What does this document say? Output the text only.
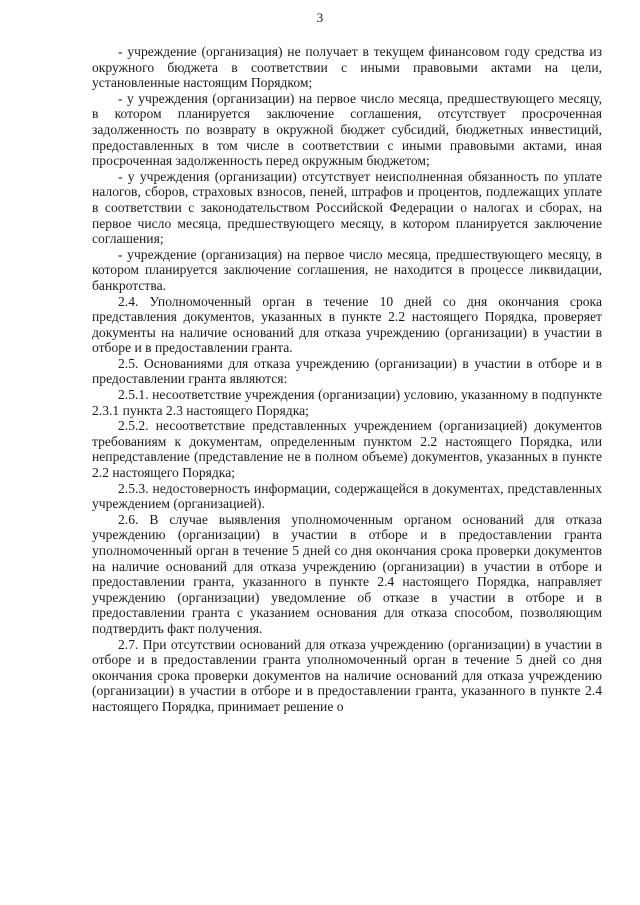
3

- учреждение (организация) не получает в текущем финансовом году средства из окружного бюджета в соответствии с иными правовыми актами на цели, установленные настоящим Порядком;

- у учреждения (организации) на первое число месяца, предшествующего месяцу, в котором планируется заключение соглашения, отсутствует просроченная задолженность по возврату в окружной бюджет субсидий, бюджетных инвестиций, предоставленных в том числе в соответствии с иными правовыми актами, иная просроченная задолженность перед окружным бюджетом;

- у учреждения (организации) отсутствует неисполненная обязанность по уплате налогов, сборов, страховых взносов, пеней, штрафов и процентов, подлежащих уплате в соответствии с законодательством Российской Федерации о налогах и сборах, на первое число месяца, предшествующего месяцу, в котором планируется заключение соглашения;

- учреждение (организация) на первое число месяца, предшествующего месяцу, в котором планируется заключение соглашения, не находится в процессе ликвидации, банкротства.

2.4. Уполномоченный орган в течение 10 дней со дня окончания срока представления документов, указанных в пункте 2.2 настоящего Порядка, проверяет документы на наличие оснований для отказа учреждению (организации) в участии в отборе и в предоставлении гранта.

2.5. Основаниями для отказа учреждению (организации) в участии в отборе и в предоставлении гранта являются:

2.5.1. несоответствие учреждения (организации) условию, указанному в подпункте 2.3.1 пункта 2.3 настоящего Порядка;

2.5.2. несоответствие представленных учреждением (организацией) документов требованиям к документам, определенным пунктом 2.2 настоящего Порядка, или непредставление (представление не в полном объеме) документов, указанных в пункте 2.2 настоящего Порядка;

2.5.3. недостоверность информации, содержащейся в документах, представленных учреждением (организацией).

2.6. В случае выявления уполномоченным органом оснований для отказа учреждению (организации) в участии в отборе и в предоставлении гранта уполномоченный орган в течение 5 дней со дня окончания срока проверки документов на наличие оснований для отказа учреждению (организации) в участии в отборе и предоставлении гранта, указанного в пункте 2.4 настоящего Порядка, направляет учреждению (организации) уведомление об отказе в участии в отборе и в предоставлении гранта с указанием основания для отказа способом, позволяющим подтвердить факт получения.

2.7. При отсутствии оснований для отказа учреждению (организации) в участии в отборе и в предоставлении гранта уполномоченный орган в течение 5 дней со дня окончания срока проверки документов на наличие оснований для отказа учреждению (организации) в участии в отборе и в предоставлении гранта, указанного в пункте 2.4 настоящего Порядка, принимает решение о
